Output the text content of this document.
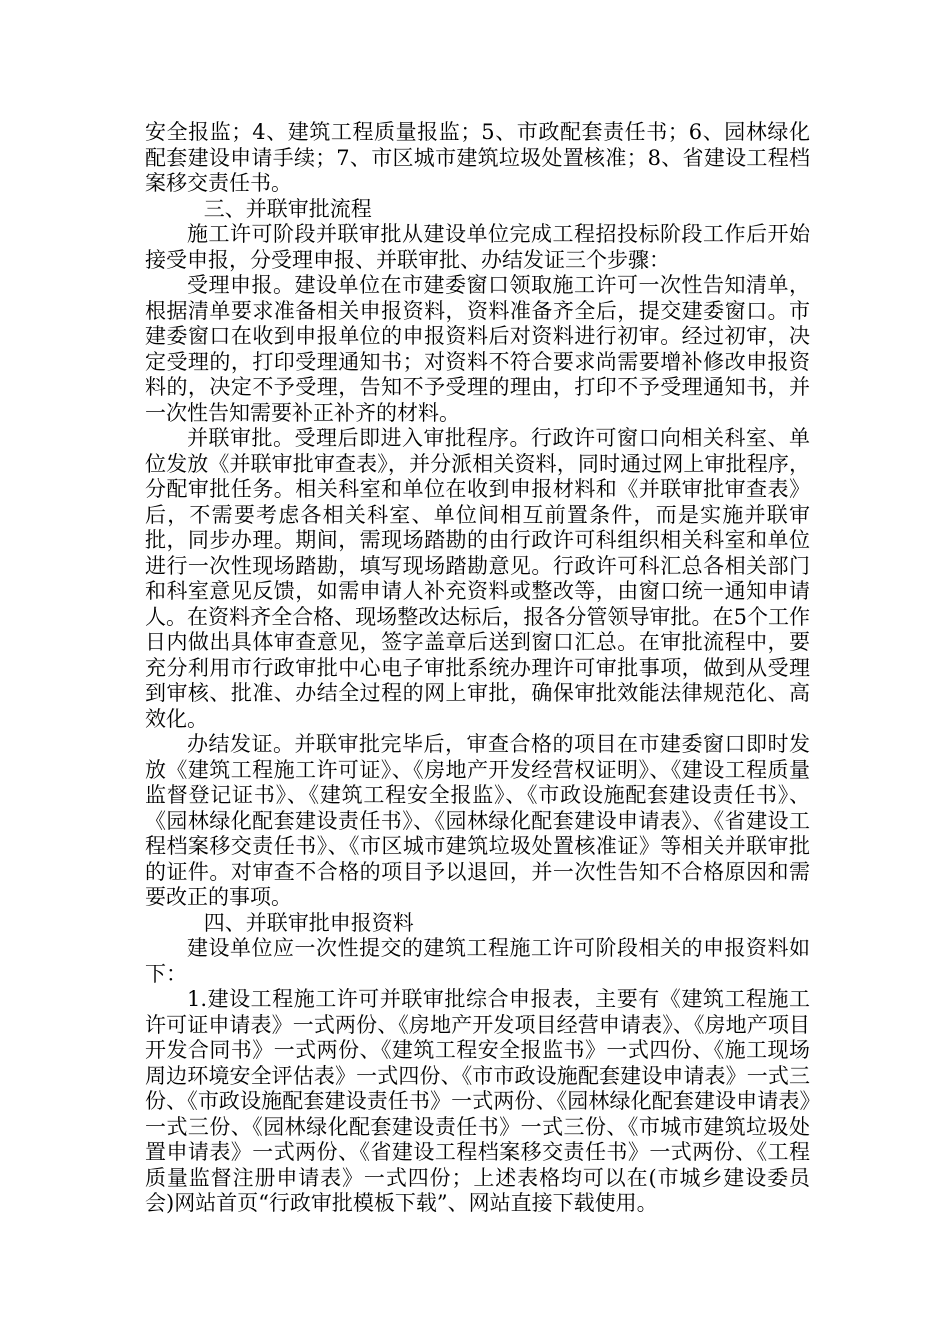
安全报监；4、建筑工程质量报监；5、市政配套责任书；6、园林绿化配套建设申请手续；7、市区城市建筑垃圾处置核准；8、省建设工程档案移交责任书。

三、并联审批流程

施工许可阶段并联审批从建设单位完成工程招投标阶段工作后开始接受申报，分受理申报、并联审批、办结发证三个步骤：

受理申报。建设单位在市建委窗口领取施工许可一次性告知清单，根据清单要求准备相关申报资料，资料准备齐全后，提交建委窗口。市建委窗口在收到申报单位的申报资料后对资料进行初审。经过初审，决定受理的，打印受理通知书；对资料不符合要求尚需要增补修改申报资料的，决定不予受理，告知不予受理的理由，打印不予受理通知书，并一次性告知需要补正补齐的材料。

并联审批。受理后即进入审批程序。行政许可窗口向相关科室、单位发放《并联审批审查表》，并分派相关资料，同时通过网上审批程序，分配审批任务。相关科室和单位在收到申报材料和《并联审批审查表》后，不需要考虑各相关科室、单位间相互前置条件，而是实施并联审批，同步办理。期间，需现场踏勘的由行政许可科组织相关科室和单位进行一次性现场踏勘，填写现场踏勘意见。行政许可科汇总各相关部门和科室意见反馈，如需申请人补充资料或整改等，由窗口统一通知申请人。在资料齐全合格、现场整改达标后，报各分管领导审批。在5个工作日内做出具体审查意见，签字盖章后送到窗口汇总。在审批流程中，要充分利用市行政审批中心电子审批系统办理许可审批事项，做到从受理到审核、批准、办结全过程的网上审批，确保审批效能法律规范化、高效化。

办结发证。并联审批完毕后，审查合格的项目在市建委窗口即时发放《建筑工程施工许可证》、《房地产开发经营权证明》、《建设工程质量监督登记证书》、《建筑工程安全报监》、《市政设施配套建设责任书》、《园林绿化配套建设责任书》、《园林绿化配套建设申请表》、《省建设工程档案移交责任书》、《市区城市建筑垃圾处置核准证》等相关并联审批的证件。对审查不合格的项目予以退回，并一次性告知不合格原因和需要改正的事项。

四、并联审批申报资料

建设单位应一次性提交的建筑工程施工许可阶段相关的申报资料如下：

1.建设工程施工许可并联审批综合申报表，主要有《建筑工程施工许可证申请表》一式两份、《房地产开发项目经营申请表》、《房地产项目开发合同书》一式两份、《建筑工程安全报监书》一式四份、《施工现场周边环境安全评估表》一式四份、《市市政设施配套建设申请表》一式三份、《市政设施配套建设责任书》一式两份、《园林绿化配套建设申请表》一式三份、《园林绿化配套建设责任书》一式三份、《市城市建筑垃圾处置申请表》一式两份、《省建设工程档案移交责任书》一式两份、《工程质量监督注册申请表》一式四份；上述表格均可以在(市城乡建设委员会)网站首页“行政审批模板下载”、网站直接下载使用。
